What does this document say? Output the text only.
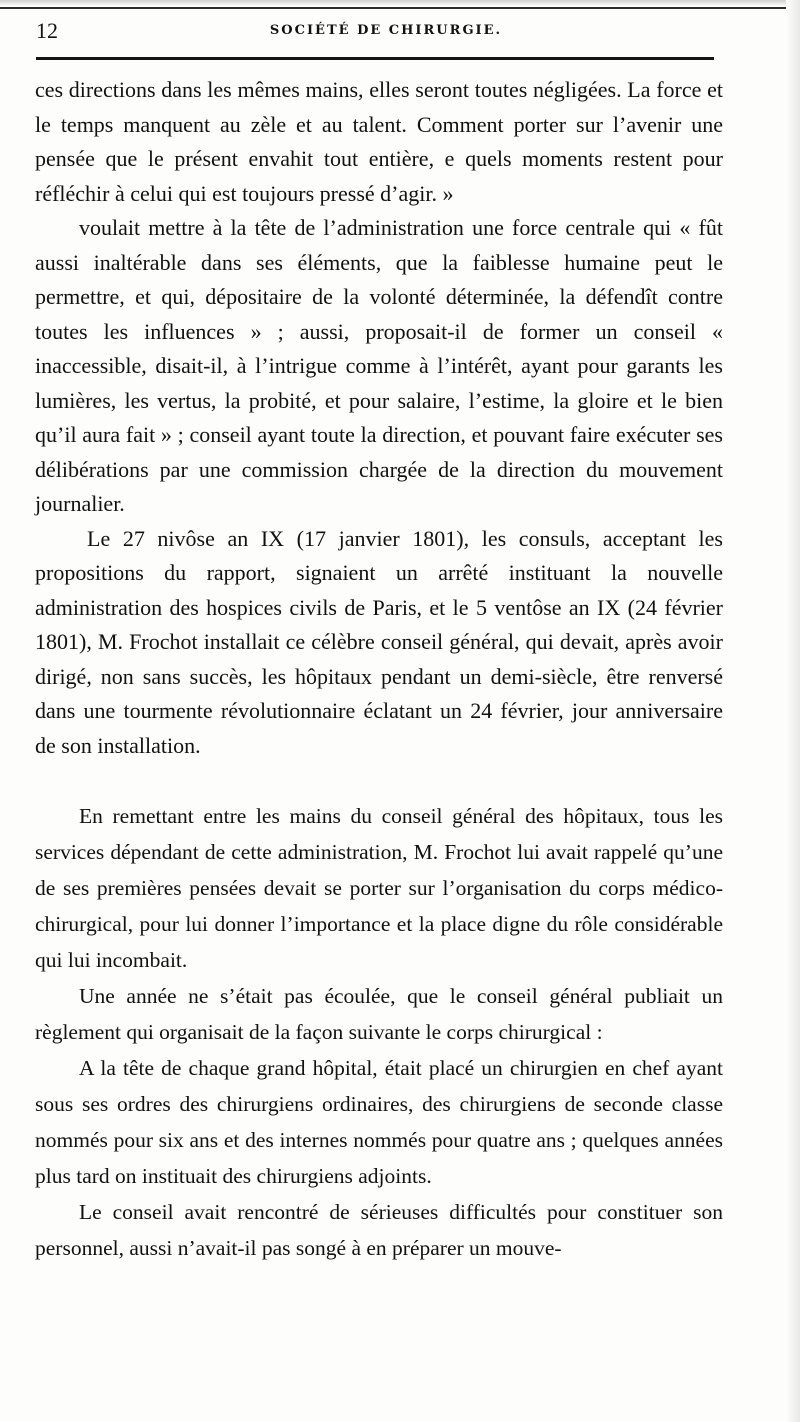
12	SOCIÉTÉ DE CHIRURGIE.

ces directions dans les mêmes mains, elles seront toutes négligées. La force et le temps manquent au zèle et au talent. Comment porter sur l’avenir une pensée que le présent envahit tout entière, e quels moments restent pour réfléchir à celui qui est toujours pressé d’agir. »

voulait mettre à la tête de l’administration une force centrale qui « fût aussi inaltérable dans ses éléments, que la faiblesse humaine peut le permettre, et qui, dépositaire de la volonté déterminée, la défendît contre toutes les influences » ; aussi, proposait-il de former un conseil « inaccessible, disait-il, à l’intrigue comme à l’intérêt, ayant pour garants les lumières, les vertus, la probité, et pour salaire, l’estime, la gloire et le bien qu’il aura fait » ; conseil ayant toute la direction, et pouvant faire exécuter ses délibérations par une commission chargée de la direction du mouvement journalier.

Le 27 nivôse an IX (17 janvier 1801), les consuls, acceptant les propositions du rapport, signaient un arrêté instituant la nouvelle administration des hospices civils de Paris, et le 5 ventôse an IX (24 février 1801), M. Frochot installait ce célèbre conseil général, qui devait, après avoir dirigé, non sans succès, les hôpitaux pendant un demi-siècle, être renversé dans une tourmente révolutionnaire éclatant un 24 février, jour anniversaire de son installation.

En remettant entre les mains du conseil général des hôpitaux, tous les services dépendant de cette administration, M. Frochot lui avait rappelé qu’une de ses premières pensées devait se porter sur l’organisation du corps médico-chirurgical, pour lui donner l’importance et la place digne du rôle considérable qui lui incombait.

Une année ne s’était pas écoulée, que le conseil général publiait un règlement qui organisait de la façon suivante le corps chirurgical :

A la tête de chaque grand hôpital, était placé un chirurgien en chef ayant sous ses ordres des chirurgiens ordinaires, des chirurgiens de seconde classe nommés pour six ans et des internes nommés pour quatre ans ; quelques années plus tard on instituait des chirurgiens adjoints.

Le conseil avait rencontré de sérieuses difficultés pour constituer son personnel, aussi n’avait-il pas songé à en préparer un mouve-
